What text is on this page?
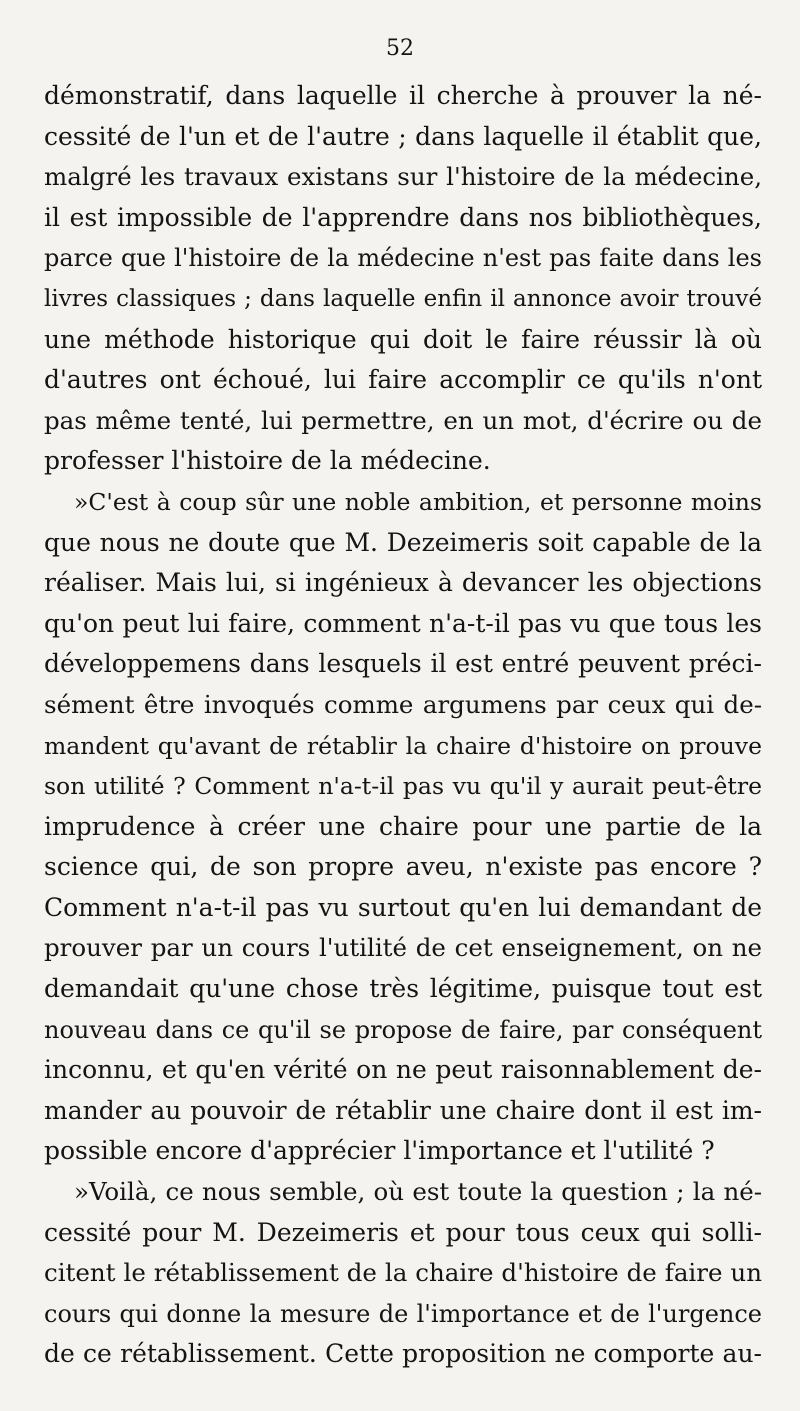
52
démonstratif, dans laquelle il cherche à prouver la né-
cessité de l'un et de l'autre ; dans laquelle il établit que,
malgré les travaux existans sur l'histoire de la médecine,
il est impossible de l'apprendre dans nos bibliothèques,
parce que l'histoire de la médecine n'est pas faite dans les
livres classiques ; dans laquelle enfin il annonce avoir trouvé
une méthode historique qui doit le faire réussir là où
d'autres ont échoué, lui faire accomplir ce qu'ils n'ont
pas même tenté, lui permettre, en un mot, d'écrire ou de
professer l'histoire de la médecine.
»C'est à coup sûr une noble ambition, et personne moins
que nous ne doute que M. Dezeimeris soit capable de la
réaliser. Mais lui, si ingénieux à devancer les objections
qu'on peut lui faire, comment n'a-t-il pas vu que tous les
développemens dans lesquels il est entré peuvent préci-
sément être invoqués comme argumens par ceux qui de-
mandent qu'avant de rétablir la chaire d'histoire on prouve
son utilité ? Comment n'a-t-il pas vu qu'il y aurait peut-être
imprudence à créer une chaire pour une partie de la
science qui, de son propre aveu, n'existe pas encore ?
Comment n'a-t-il pas vu surtout qu'en lui demandant de
prouver par un cours l'utilité de cet enseignement, on ne
demandait qu'une chose très légitime, puisque tout est
nouveau dans ce qu'il se propose de faire, par conséquent
inconnu, et qu'en vérité on ne peut raisonnablement de-
mander au pouvoir de rétablir une chaire dont il est im-
possible encore d'apprécier l'importance et l'utilité ?
»Voilà, ce nous semble, où est toute la question ; la né-
cessité pour M. Dezeimeris et pour tous ceux qui solli-
citent le rétablissement de la chaire d'histoire de faire un
cours qui donne la mesure de l'importance et de l'urgence
de ce rétablissement. Cette proposition ne comporte au-
